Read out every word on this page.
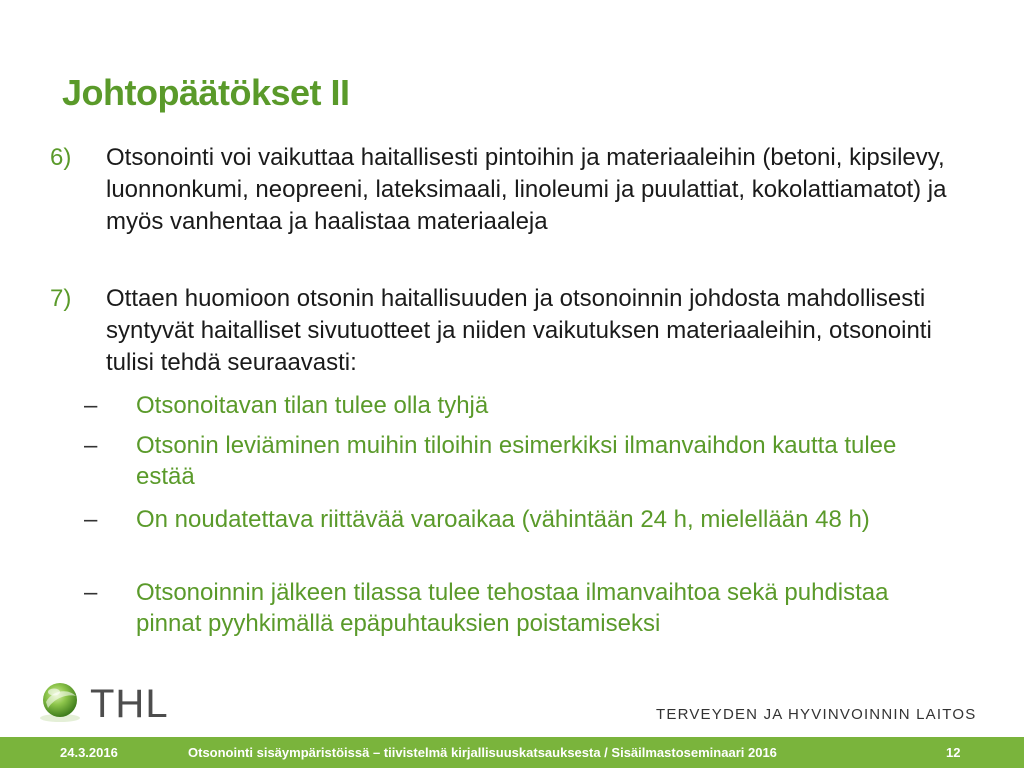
Johtopäätökset II
6) Otsonointi voi vaikuttaa haitallisesti pintoihin ja materiaaleihin (betoni, kipsilevy, luonnonkumi, neopreeni, lateksimaali, linoleumi ja puulattiat, kokolattiamatot) ja myös vanhentaa ja haalistaa materiaaleja
7) Ottaen huomioon otsonin haitallisuuden ja otsonoinnin johdosta mahdollisesti syntyvät haitalliset sivutuotteet ja niiden vaikutuksen materiaaleihin, otsonointi tulisi tehdä seuraavasti:
– Otsonoitavan tilan tulee olla tyhjä
– Otsonin leviäminen muihin tiloihin esimerkiksi ilmanvaihdon kautta tulee estää
– On noudatettava riittävää varoaikaa (vähintään 24 h, mielellään 48 h)
– Otsonoinnin jälkeen tilassa tulee tehostaa ilmanvaihtoa sekä puhdistaa pinnat pyyhkimällä epäpuhtauksien poistamiseksi
THL	TERVEYDEN JA HYVINVOINNIN LAITOS
24.3.2016	Otsonointi sisäympäristöissä – tiivistelmä kirjallisuuskatsauksesta / Sisäilmastoseminaari 2016	12
